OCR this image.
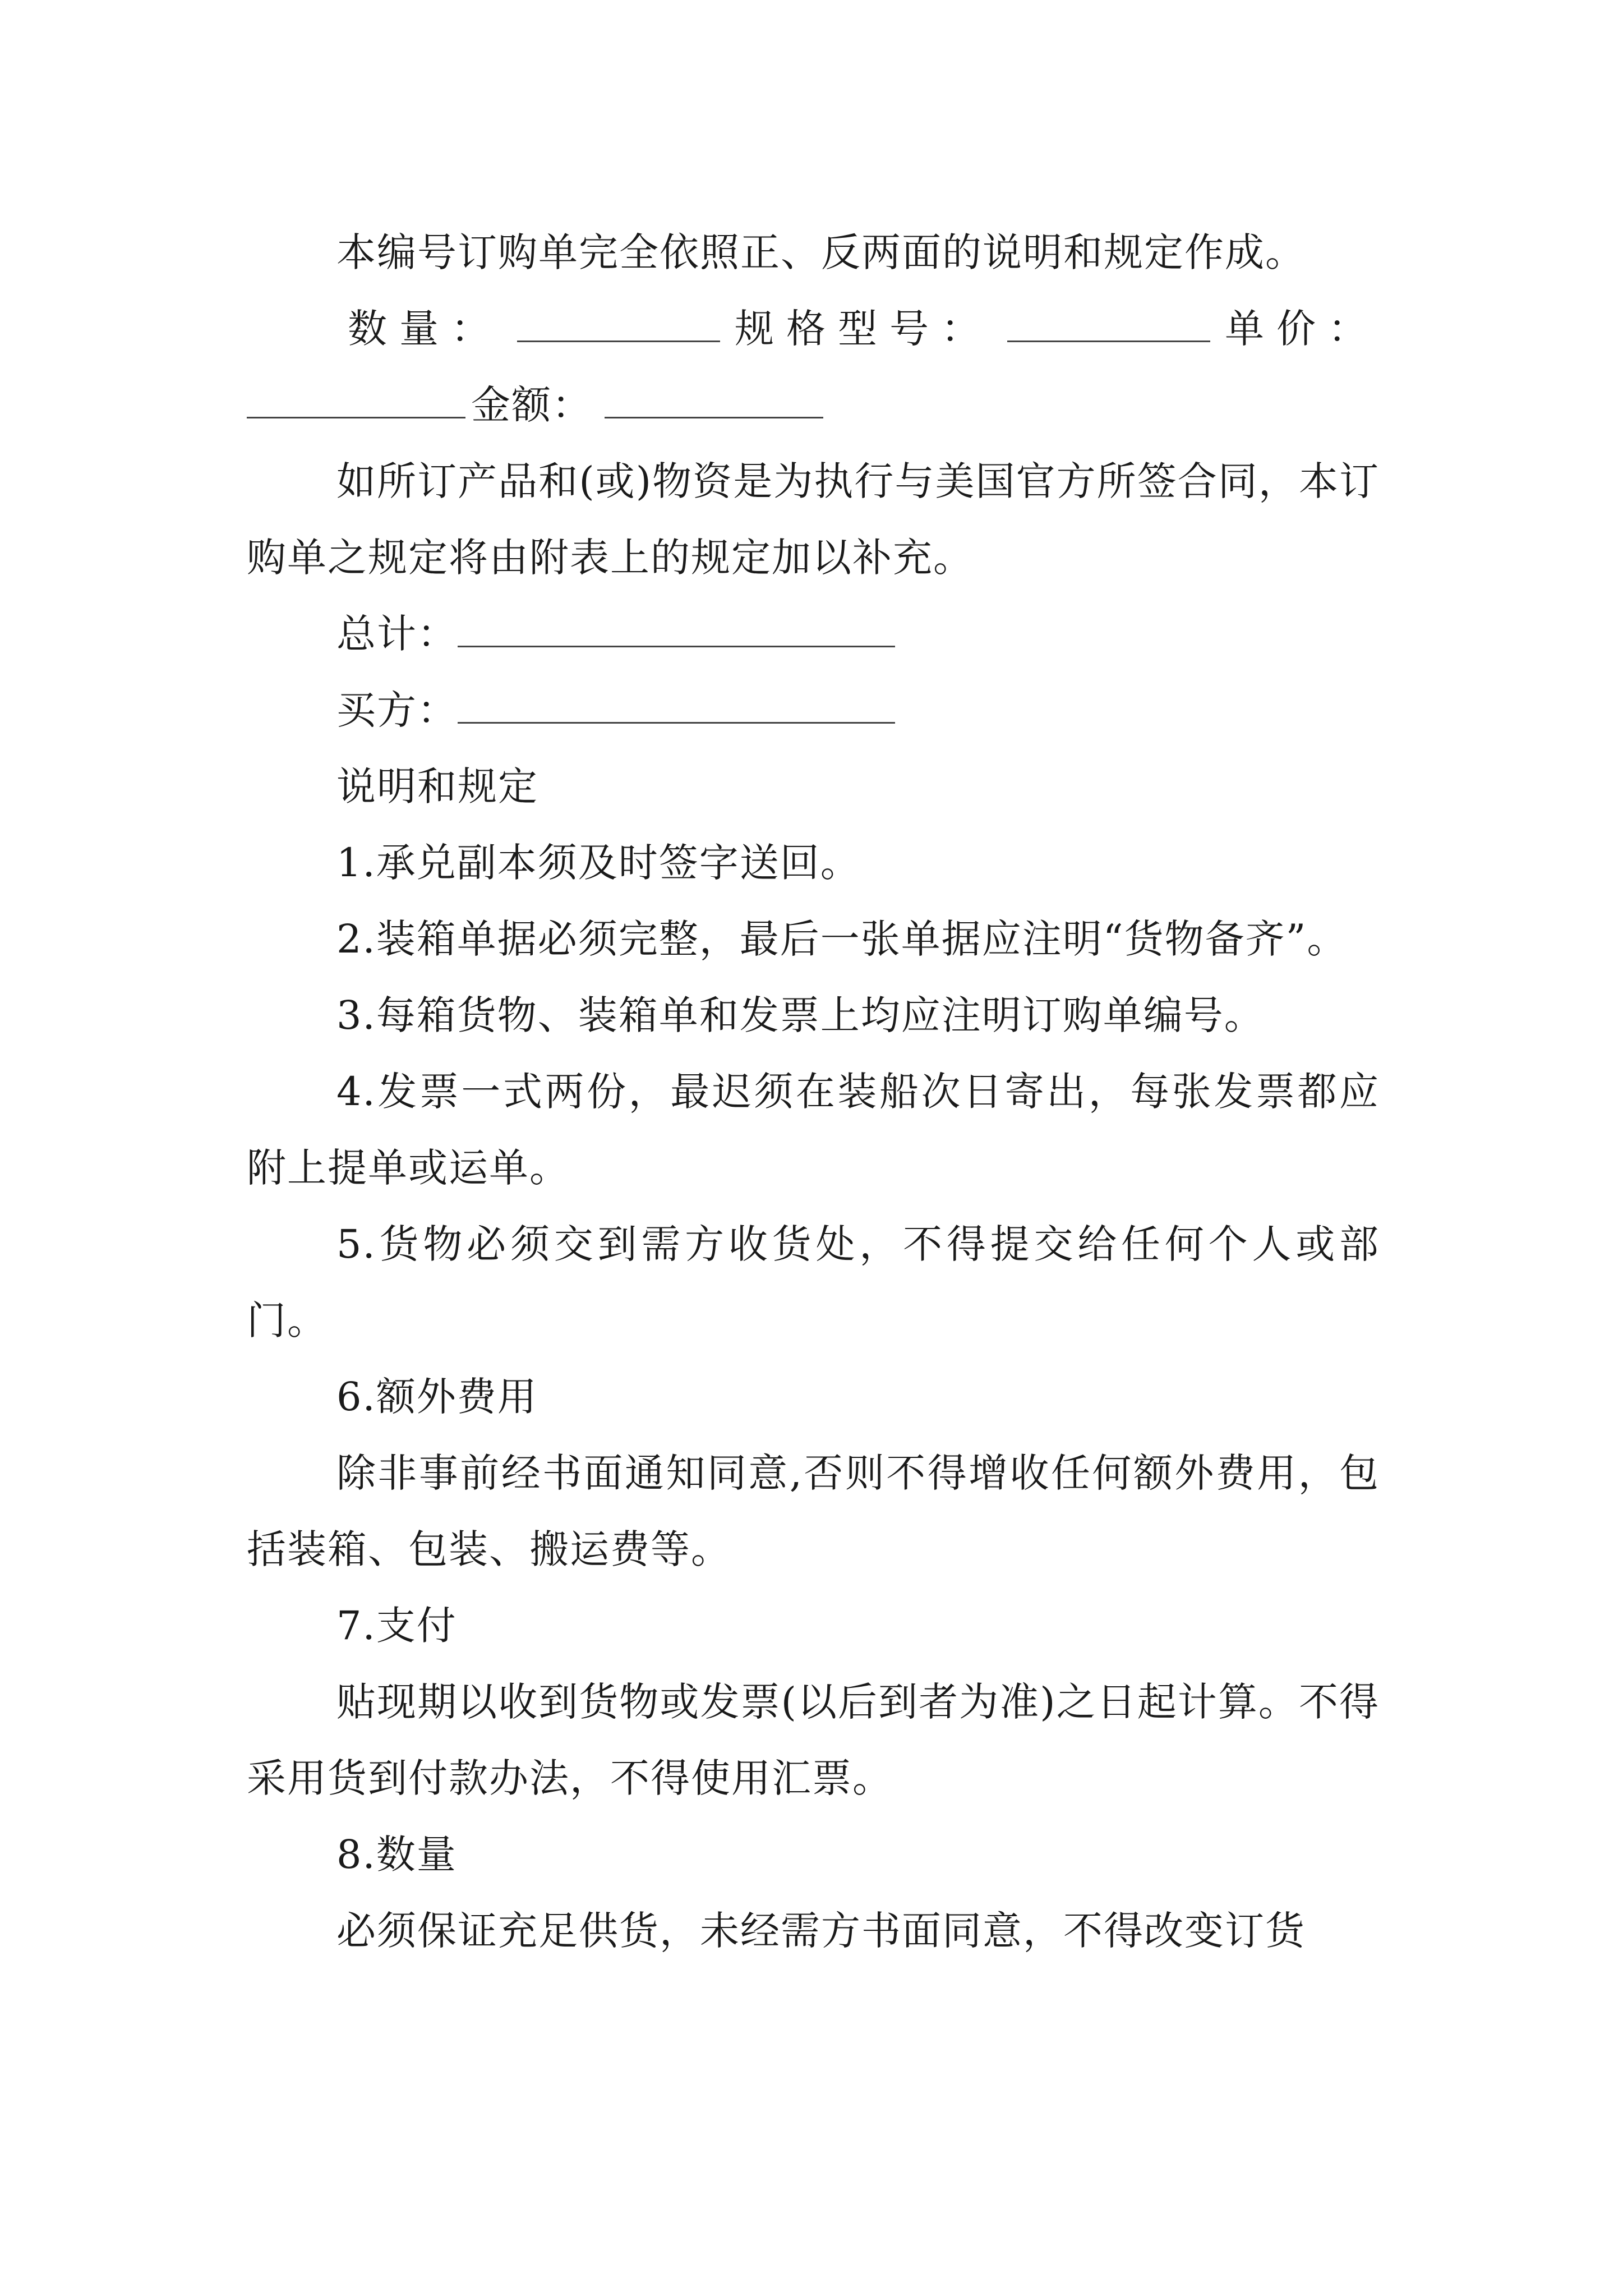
本编号订购单完全依照正、反两面的说明和规定作成。

数量：	规格型号：	单价：
金额：

如所订产品和(或)物资是为执行与美国官方所签合同，本订购单之规定将由附表上的规定加以补充。

总计：
买方：

说明和规定

1.承兑副本须及时签字送回。

2.装箱单据必须完整，最后一张单据应注明“货物备齐”。

3.每箱货物、装箱单和发票上均应注明订购单编号。

4.发票一式两份，最迟须在装船次日寄出，每张发票都应附上提单或运单。

5.货物必须交到需方收货处，不得提交给任何个人或部门。

6.额外费用

除非事前经书面通知同意,否则不得增收任何额外费用，包括装箱、包装、搬运费等。

7.支付

贴现期以收到货物或发票(以后到者为准)之日起计算。不得采用货到付款办法，不得使用汇票。

8.数量

必须保证充足供货，未经需方书面同意，不得改变订货
